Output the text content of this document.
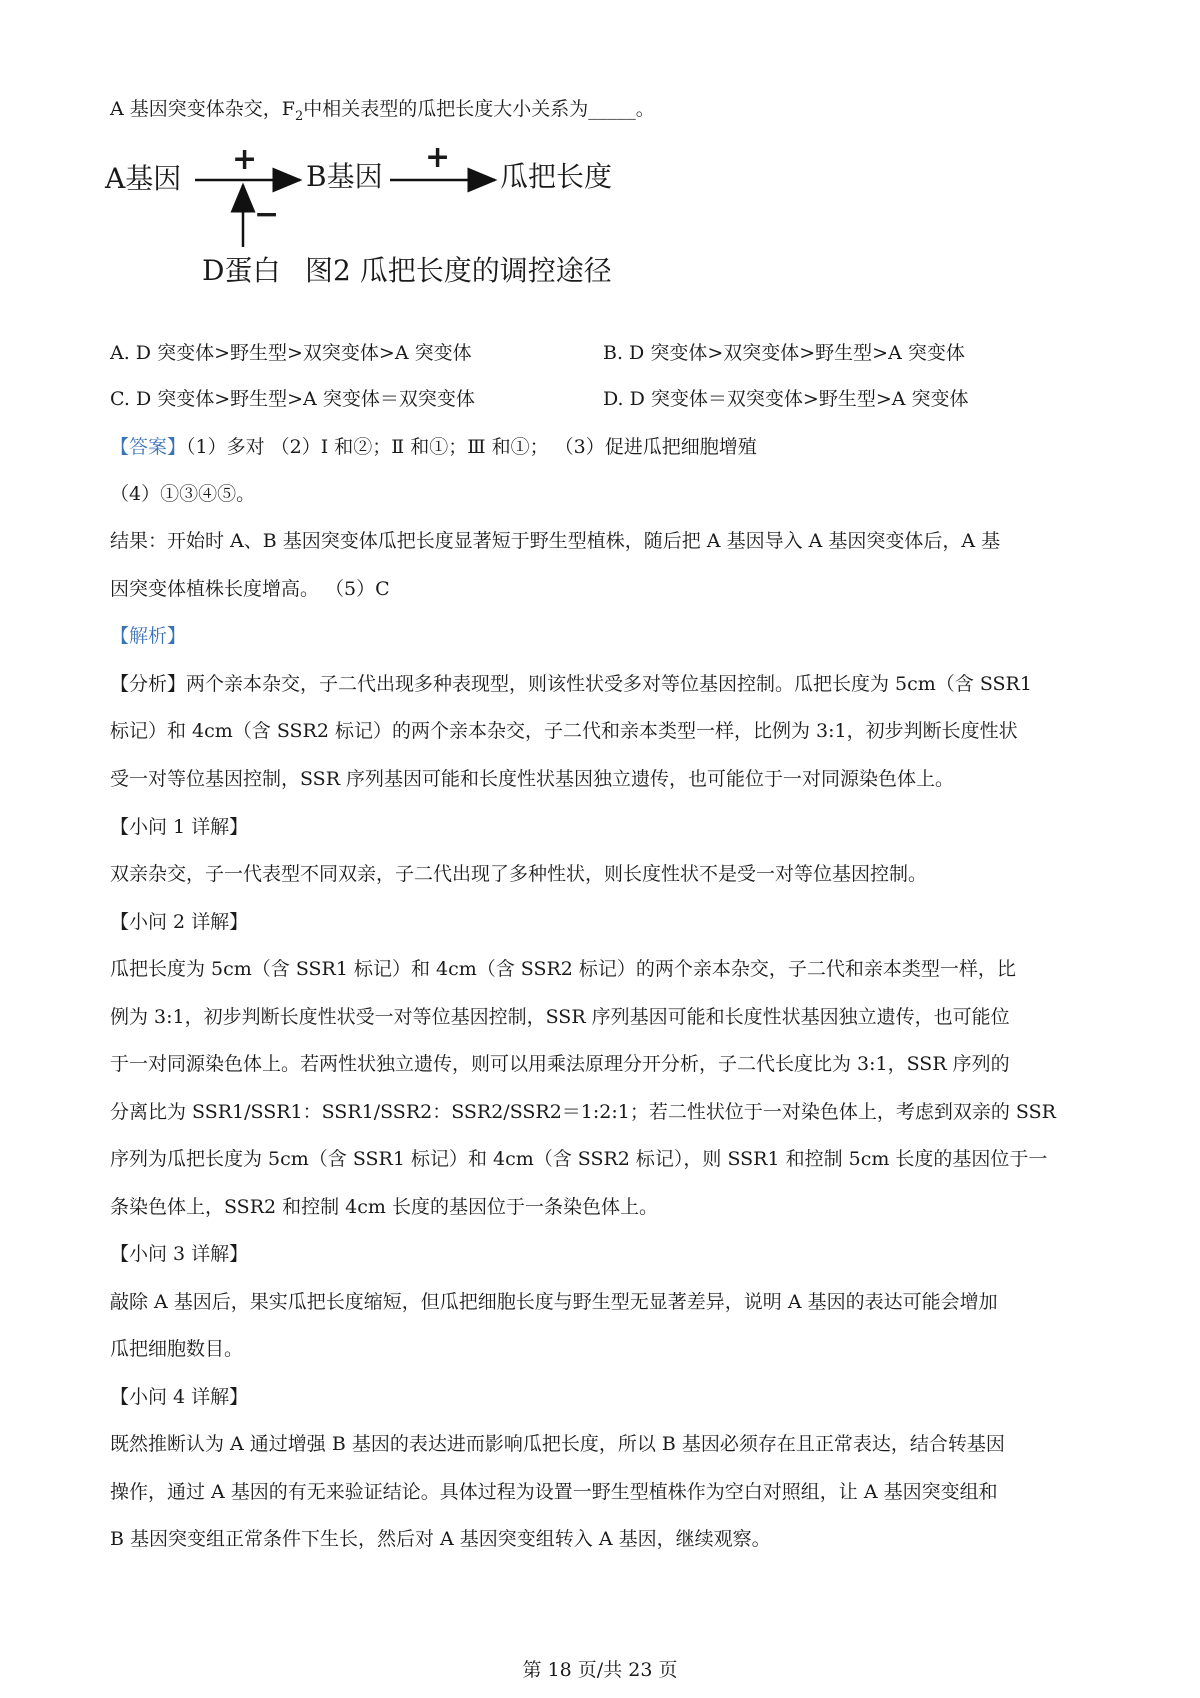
A 基因突变体杂交，$F_2$中相关表型的瓜把长度大小关系为_____。
A基因	B基因	瓜把长度
+	+
−
D蛋白 图2 瓜把长度的调控途径
A. D 突变体>野生型>双突变体>A 突变体	B. D 突变体>双突变体>野生型>A 突变体
C. D 突变体>野生型>A 突变体＝双突变体	D. D 突变体＝双突变体>野生型>A 突变体
【答案】（1）多对 （2）Ⅰ 和②；Ⅱ 和①；Ⅲ 和①； （3）促进瓜把细胞增殖
（4）①③④⑤。
结果：开始时 A、B 基因突变体瓜把长度显著短于野生型植株，随后把 A 基因导入 A 基因突变体后，A 基
因突变体植株长度增高。 （5）C
【解析】
【分析】两个亲本杂交，子二代出现多种表现型，则该性状受多对等位基因控制。瓜把长度为 5cm（含 SSR1
标记）和 4cm（含 SSR2 标记）的两个亲本杂交，子二代和亲本类型一样，比例为 3:1，初步判断长度性状
受一对等位基因控制，SSR 序列基因可能和长度性状基因独立遗传，也可能位于一对同源染色体上。
【小问 1 详解】
双亲杂交，子一代表型不同双亲，子二代出现了多种性状，则长度性状不是受一对等位基因控制。
【小问 2 详解】
瓜把长度为 5cm（含 SSR1 标记）和 4cm（含 SSR2 标记）的两个亲本杂交，子二代和亲本类型一样，比
例为 3:1，初步判断长度性状受一对等位基因控制，SSR 序列基因可能和长度性状基因独立遗传，也可能位
于一对同源染色体上。若两性状独立遗传，则可以用乘法原理分开分析，子二代长度比为 3:1，SSR 序列的
分离比为 SSR1/SSR1：SSR1/SSR2：SSR2/SSR2＝1:2:1；若二性状位于一对染色体上，考虑到双亲的 SSR
序列为瓜把长度为 5cm（含 SSR1 标记）和 4cm（含 SSR2 标记），则 SSR1 和控制 5cm 长度的基因位于一
条染色体上，SSR2 和控制 4cm 长度的基因位于一条染色体上。
【小问 3 详解】
敲除 A 基因后，果实瓜把长度缩短，但瓜把细胞长度与野生型无显著差异，说明 A 基因的表达可能会增加
瓜把细胞数目。
【小问 4 详解】
既然推断认为 A 通过增强 B 基因的表达进而影响瓜把长度，所以 B 基因必须存在且正常表达，结合转基因
操作，通过 A 基因的有无来验证结论。具体过程为设置一野生型植株作为空白对照组，让 A 基因突变组和
B 基因突变组正常条件下生长，然后对 A 基因突变组转入 A 基因，继续观察。
第 18 页/共 23 页
